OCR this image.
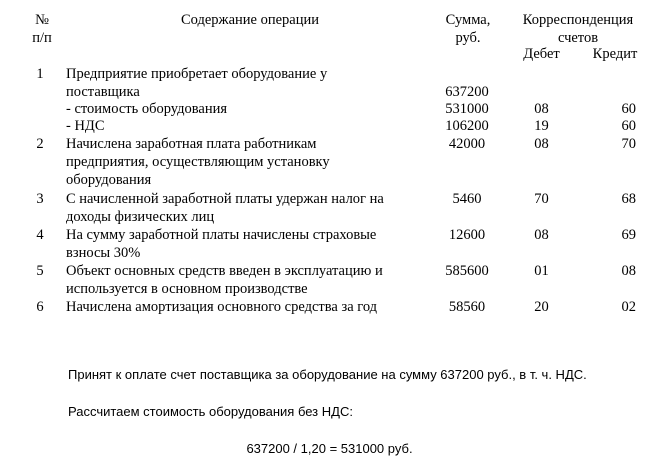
№
п/п
Содержание операции	Сумма,
руб.
Корреспонденция
счетов
Дебет	Кредит
1	Предприятие приобретает оборудование у
поставщика	637200
- стоимость оборудования	531000	08	60
- НДС	106200	19	60
2	Начислена заработная плата работникам
предприятия, осуществляющим установку
оборудования
42000	08	70
3	С начисленной заработной платы удержан налог на
доходы физических лиц
5460	70	68
4	На сумму заработной платы начислены страховые
взносы 30%
12600	08	69
5	Объект основных средств введен в эксплуатацию и
используется в основном производстве
585600	01	08
6	Начислена амортизация основного средства за год	58560	20	02
Принят к оплате счет поставщика за оборудование на сумму 637200 руб., в т. ч. НДС.
Рассчитаем стоимость оборудования без НДС:
637200 / 1,20 = 531000 руб.
